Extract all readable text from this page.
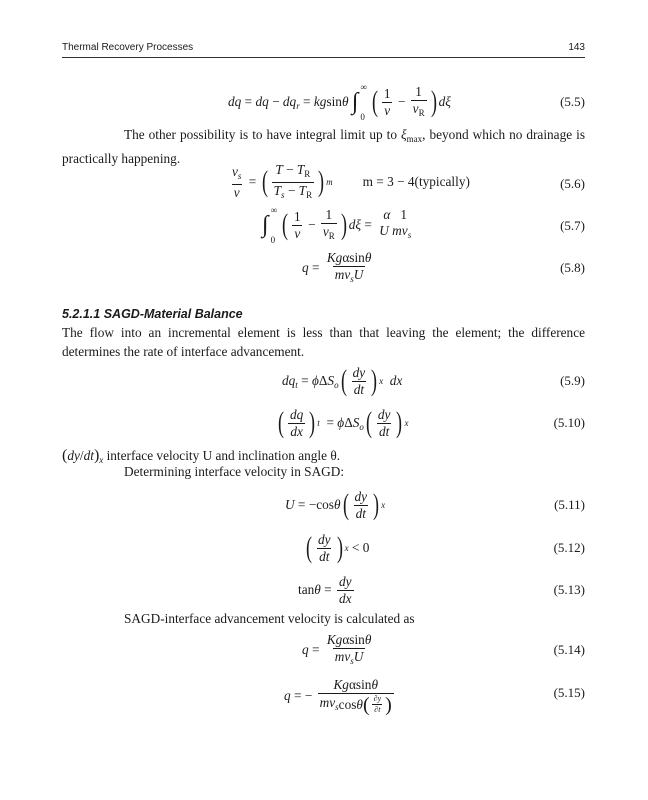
Thermal Recovery Processes	143
dq = dq − $dq_r = kgsin\theta$ ∫
∞
0 ( $\frac{1}{\nu} - \frac{1}{\nu_R}$ ) dξ	(5.5)
The other possibility is to have integral limit up to $\xi_{max}$, beyond which no drainage is practically happening.
$\frac{\nu_s}{\nu}$ = ( $\frac{T - T_R}{T_s - T_R}$ ) m m = 3 − 4(typically)	(5.6)
∫
∞
0 ( $\frac{1}{\nu} - \frac{1}{\nu_R}$ ) dξ =
α   1
U $m\nu_s$
(5.7)
$q = \frac{\text{Kgαsinθ}}{m\nu_sU}$	(5.8)
5.2.1.1 SAGD-Material Balance
The flow into an incremental element is less than that leaving the element; the difference determines the rate of interface advancement.
$dq_t = \phi\Delta S_o$ ( $\frac{dy}{dt}$ ) x dx	(5.9)
( $\frac{dq}{dx}$ ) t = ϕΔS$_o$ ( $\frac{dy}{dt}$ ) x	(5.10)
$(dy/dt)_x$ interface velocity U and inclination angle θ.
Determining interface velocity in SAGD:
U = −cosθ ( $\frac{dy}{dt}$ ) x	(5.11)
( $\frac{dy}{dt}$ ) x < 0	(5.12)
$\tan\theta = \frac{dy}{dx}$	(5.13)
SAGD-interface advancement velocity is calculated as
$q = \frac{\text{Kgαsinθ}}{m\nu_sU}$	(5.14)
q = − $\frac{\text{Kgαsinθ}}{m\nu_s \cos \theta ( \frac{\partial y}{\partial t} )}$	(5.15)
